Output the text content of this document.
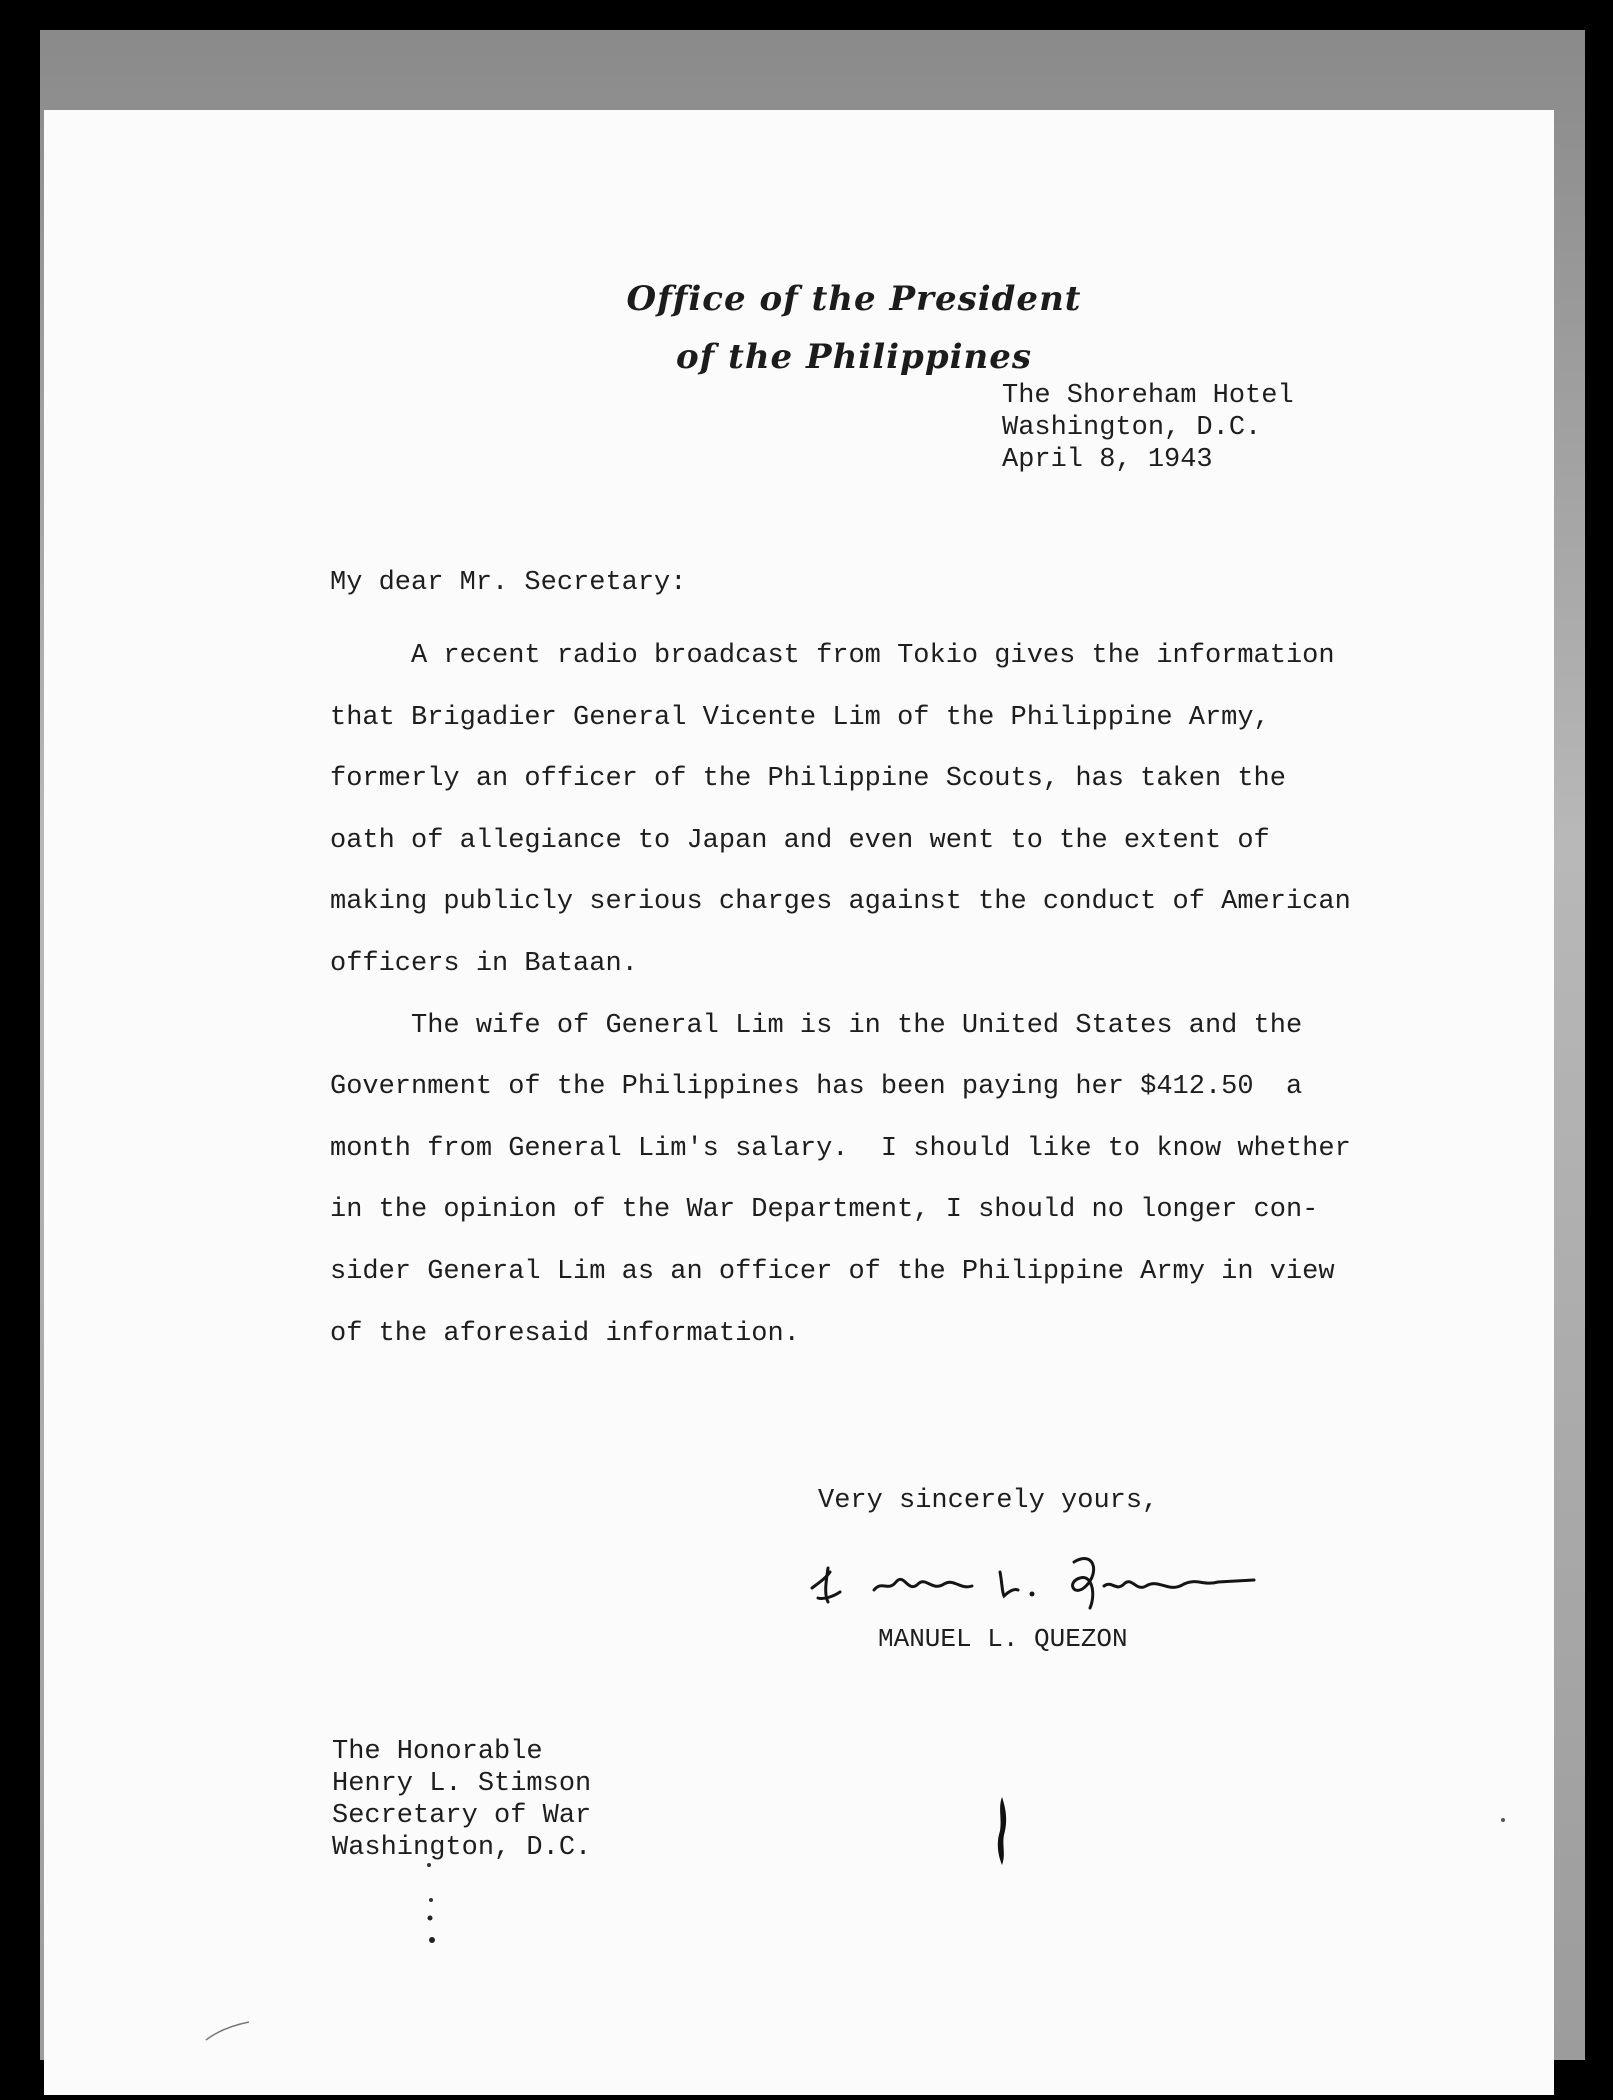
Office of the President
of the Philippines
The Shoreham Hotel
Washington, D.C.
April 8, 1943
My dear Mr. Secretary:
A recent radio broadcast from Tokio gives the information
that Brigadier General Vicente Lim of the Philippine Army,
formerly an officer of the Philippine Scouts, has taken the
oath of allegiance to Japan and even went to the extent of
making publicly serious charges against the conduct of American
officers in Bataan.
The wife of General Lim is in the United States and the
Government of the Philippines has been paying her $412.50  a
month from General Lim's salary.  I should like to know whether
in the opinion of the War Department, I should no longer con-
sider General Lim as an officer of the Philippine Army in view
of the aforesaid information.
Very sincerely yours,
MANUEL L. QUEZON
The Honorable
Henry L. Stimson
Secretary of War
Washington, D.C.
